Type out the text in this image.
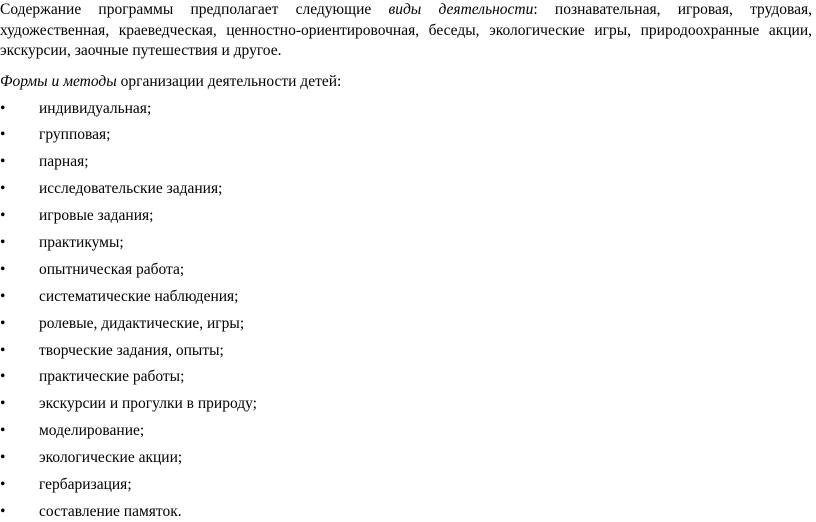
Содержание программы предполагает следующие виды деятельности: познавательная, игровая, трудовая, художественная, краеведческая, ценностно-ориентировочная, беседы, экологические игры, природоохранные акции, экскурсии, заочные путешествия и другое.

Формы и методы организации деятельности детей:

•	индивидуальная;
•	групповая;
•	парная;
•	исследовательские задания;
•	игровые задания;
•	практикумы;
•	опытническая работа;
•	систематические наблюдения;
•	ролевые, дидактические, игры;
•	творческие задания, опыты;
•	практические работы;
•	экскурсии и прогулки в природу;
•	моделирование;
•	экологические акции;
•	гербаризация;
•	составление памяток.
